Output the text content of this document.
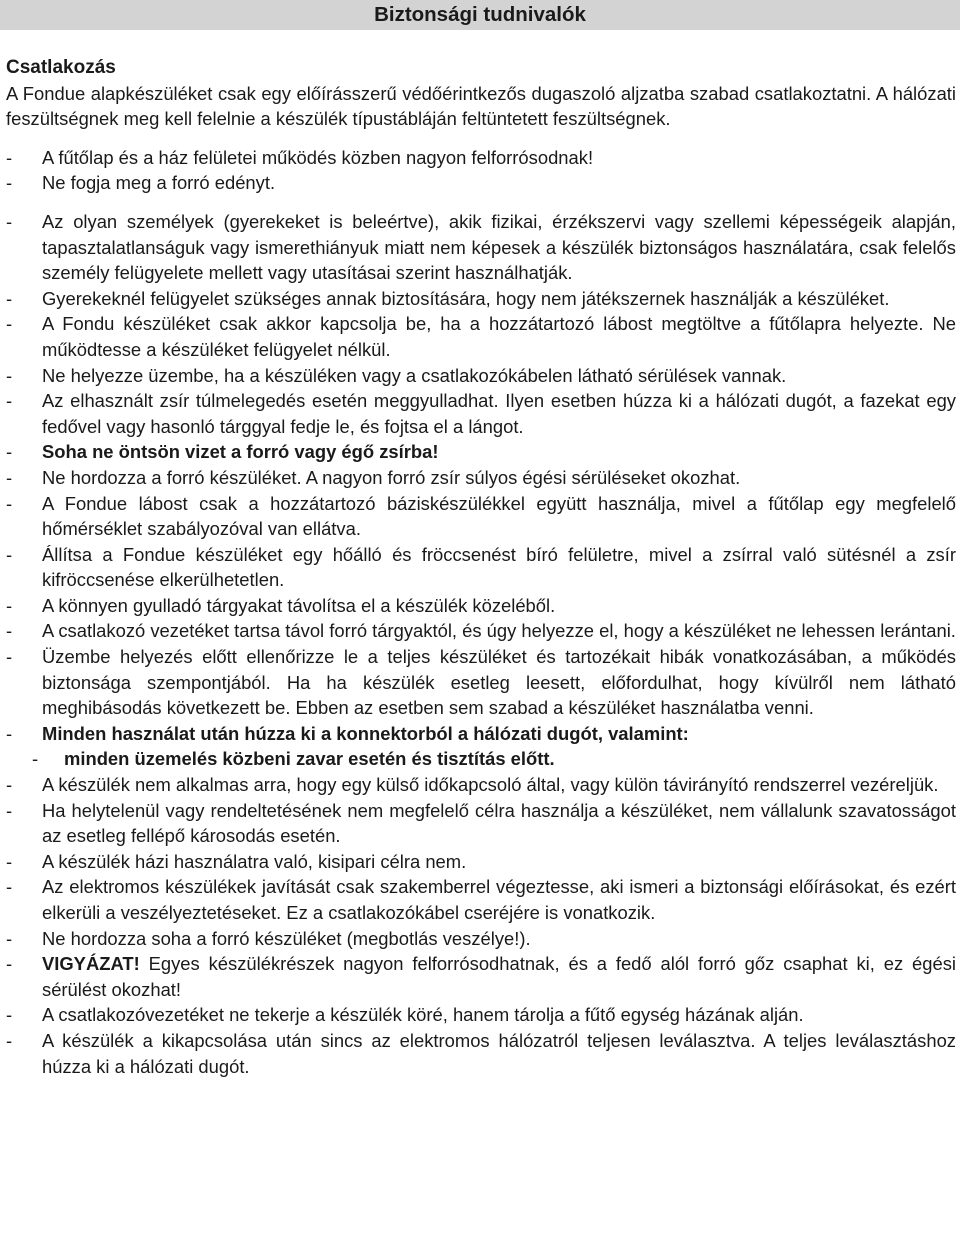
Biztonsági tudnivalók
Csatlakozás

A Fondue alapkészüléket csak egy előírásszerű védőérintkezős dugaszoló aljzatba szabad csatlakoztatni. A hálózati feszültségnek meg kell felelnie a készülék típustábláján feltüntetett feszültségnek.

- A fűtőlap és a ház felületei működés közben nagyon felforrósodnak!
- Ne fogja meg a forró edényt.
- Az olyan személyek (gyerekeket is beleértve), akik fizikai, érzékszervi vagy szellemi képességeik alapján, tapasztalatlanságuk vagy ismerethiányuk miatt nem képesek a készülék biztonságos használatára, csak felelős személy felügyelete mellett vagy utasításai szerint használhatják.
- Gyerekeknél felügyelet szükséges annak biztosítására, hogy nem játékszernek használják a készüléket.
- A Fondu készüléket csak akkor kapcsolja be, ha a hozzátartozó lábost megtöltve a fűtőlapra helyezte. Ne működtesse a készüléket felügyelet nélkül.
- Ne helyezze üzembe, ha a készüléken vagy a csatlakozókábelen látható sérülések vannak.
- Az elhasznált zsír túlmelegedés esetén meggyulladhat. Ilyen esetben húzza ki a hálózati dugót, a fazekat egy fedővel vagy hasonló tárggyal fedje le, és fojtsa el a lángot.
- Soha ne öntsön vizet a forró vagy égő zsírba!
- Ne hordozza a forró készüléket. A nagyon forró zsír súlyos égési sérüléseket okozhat.
- A Fondue lábost csak a hozzátartozó báziskészülékkel együtt használja, mivel a fűtőlap egy megfelelő hőmérséklet szabályozóval van ellátva.
- Állítsa a Fondue készüléket egy hőálló és fröccsenést bíró felületre, mivel a zsírral való sütésnél a zsír kifröccsenése elkerülhetetlen.
- A könnyen gyulladó tárgyakat távolítsa el a készülék közeléből.
- A csatlakozó vezetéket tartsa távol forró tárgyaktól, és úgy helyezze el, hogy a készüléket ne lehessen lerántani.
- Üzembe helyezés előtt ellenőrizze le a teljes készüléket és tartozékait hibák vonatkozásában, a működés biztonsága szempontjából. Ha ha készülék esetleg leesett, előfordulhat, hogy kívülről nem látható meghibásodás következett be. Ebben az esetben sem szabad a készüléket használatba venni.
- Minden használat után húzza ki a konnektorból a hálózati dugót, valamint:
- minden üzemelés közbeni zavar esetén és tisztítás előtt.
- A készülék nem alkalmas arra, hogy egy külső időkapcsoló által, vagy külön távirányító rendszerrel vezéreljük.
- Ha helytelenül vagy rendeltetésének nem megfelelő célra használja a készüléket, nem vállalunk szavatosságot az esetleg fellépő károsodás esetén.
- A készülék házi használatra való, kisipari célra nem.
- Az elektromos készülékek javítását csak szakemberrel végeztesse, aki ismeri a biztonsági előírásokat, és ezért elkerüli a veszélyeztetéseket. Ez a csatlakozókábel cseréjére is vonatkozik.
- Ne hordozza soha a forró készüléket (megbotlás veszélye!).
- VIGYÁZAT! Egyes készülékrészek nagyon felforrósodhatnak, és a fedő alól forró gőz csaphat ki, ez égési sérülést okozhat!
- A csatlakozóvezetéket ne tekerje a készülék köré, hanem tárolja a fűtő egység házának alján.
- A készülék a kikapcsolása után sincs az elektromos hálózatról teljesen leválasztva. A teljes leválasztáshoz húzza ki a hálózati dugót.
